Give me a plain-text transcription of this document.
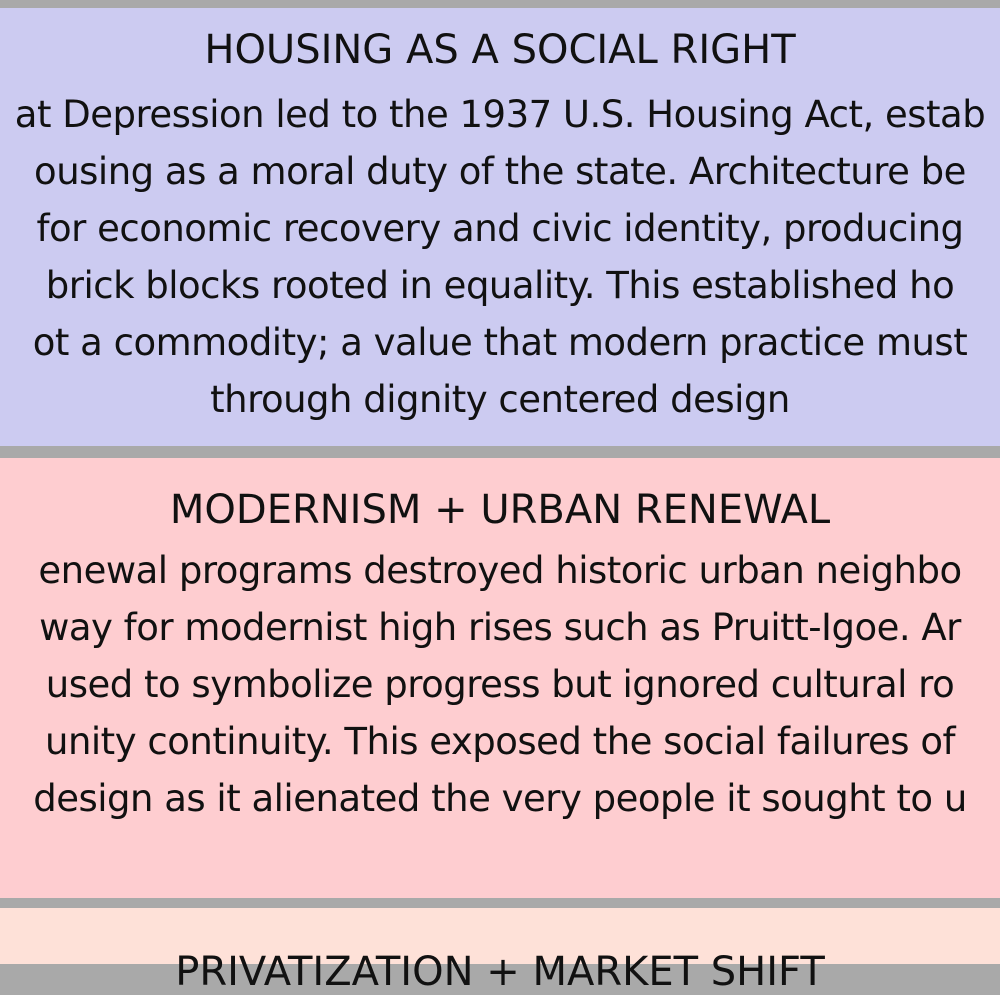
HOUSING AS A SOCIAL RIGHT
at Depression led to the 1937 U.S. Housing Act, estab
ousing as a moral duty of the state. Architecture be
for economic recovery and civic identity, producing
brick blocks rooted in equality. This established ho
ot a commodity; a value that modern practice must
through dignity centered design
MODERNISM + URBAN RENEWAL
enewal programs destroyed historic urban neighbo
way for modernist high rises such as Pruitt-Igoe. Ar
used to symbolize progress but ignored cultural ro
unity continuity. This exposed the social failures of
design as it alienated the very people it sought to u
PRIVATIZATION + MARKET SHIFT
